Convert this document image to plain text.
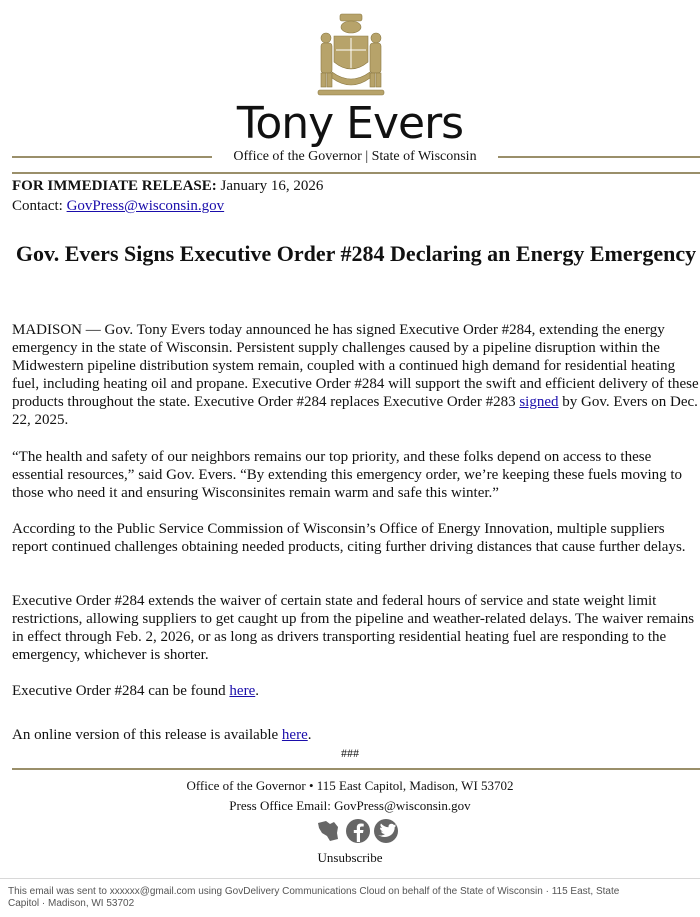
Tony Evers
Office of the Governor | State of Wisconsin
FOR IMMEDIATE RELEASE: January 16, 2026
Contact: GovPress@wisconsin.gov
Gov. Evers Signs Executive Order #284 Declaring an Energy Emergency
MADISON — Gov. Tony Evers today announced he has signed Executive Order #284, extending the energy emergency in the state of Wisconsin. Persistent supply challenges caused by a pipeline disruption within the Midwestern pipeline distribution system remain, coupled with a continued high demand for residential heating fuel, including heating oil and propane. Executive Order #284 will support the swift and efficient delivery of these products throughout the state. Executive Order #284 replaces Executive Order #283 signed by Gov. Evers on Dec. 22, 2025.
“The health and safety of our neighbors remains our top priority, and these folks depend on access to these essential resources,” said Gov. Evers. “By extending this emergency order, we’re keeping these fuels moving to those who need it and ensuring Wisconsinites remain warm and safe this winter.”
According to the Public Service Commission of Wisconsin’s Office of Energy Innovation, multiple suppliers report continued challenges obtaining needed products, citing further driving distances that cause further delays.
Executive Order #284 extends the waiver of certain state and federal hours of service and state weight limit restrictions, allowing suppliers to get caught up from the pipeline and weather-related delays. The waiver remains in effect through Feb. 2, 2026, or as long as drivers transporting residential heating fuel are responding to the emergency, whichever is shorter.
Executive Order #284 can be found here.
An online version of this release is available here.
###
Office of the Governor • 115 East Capitol, Madison, WI 53702
Press Office Email: GovPress@wisconsin.gov
Unsubscribe
This email was sent to xxxxxx@gmail.com using GovDelivery Communications Cloud on behalf of the State of Wisconsin · 115 East, State Capitol · Madison, WI 53702
